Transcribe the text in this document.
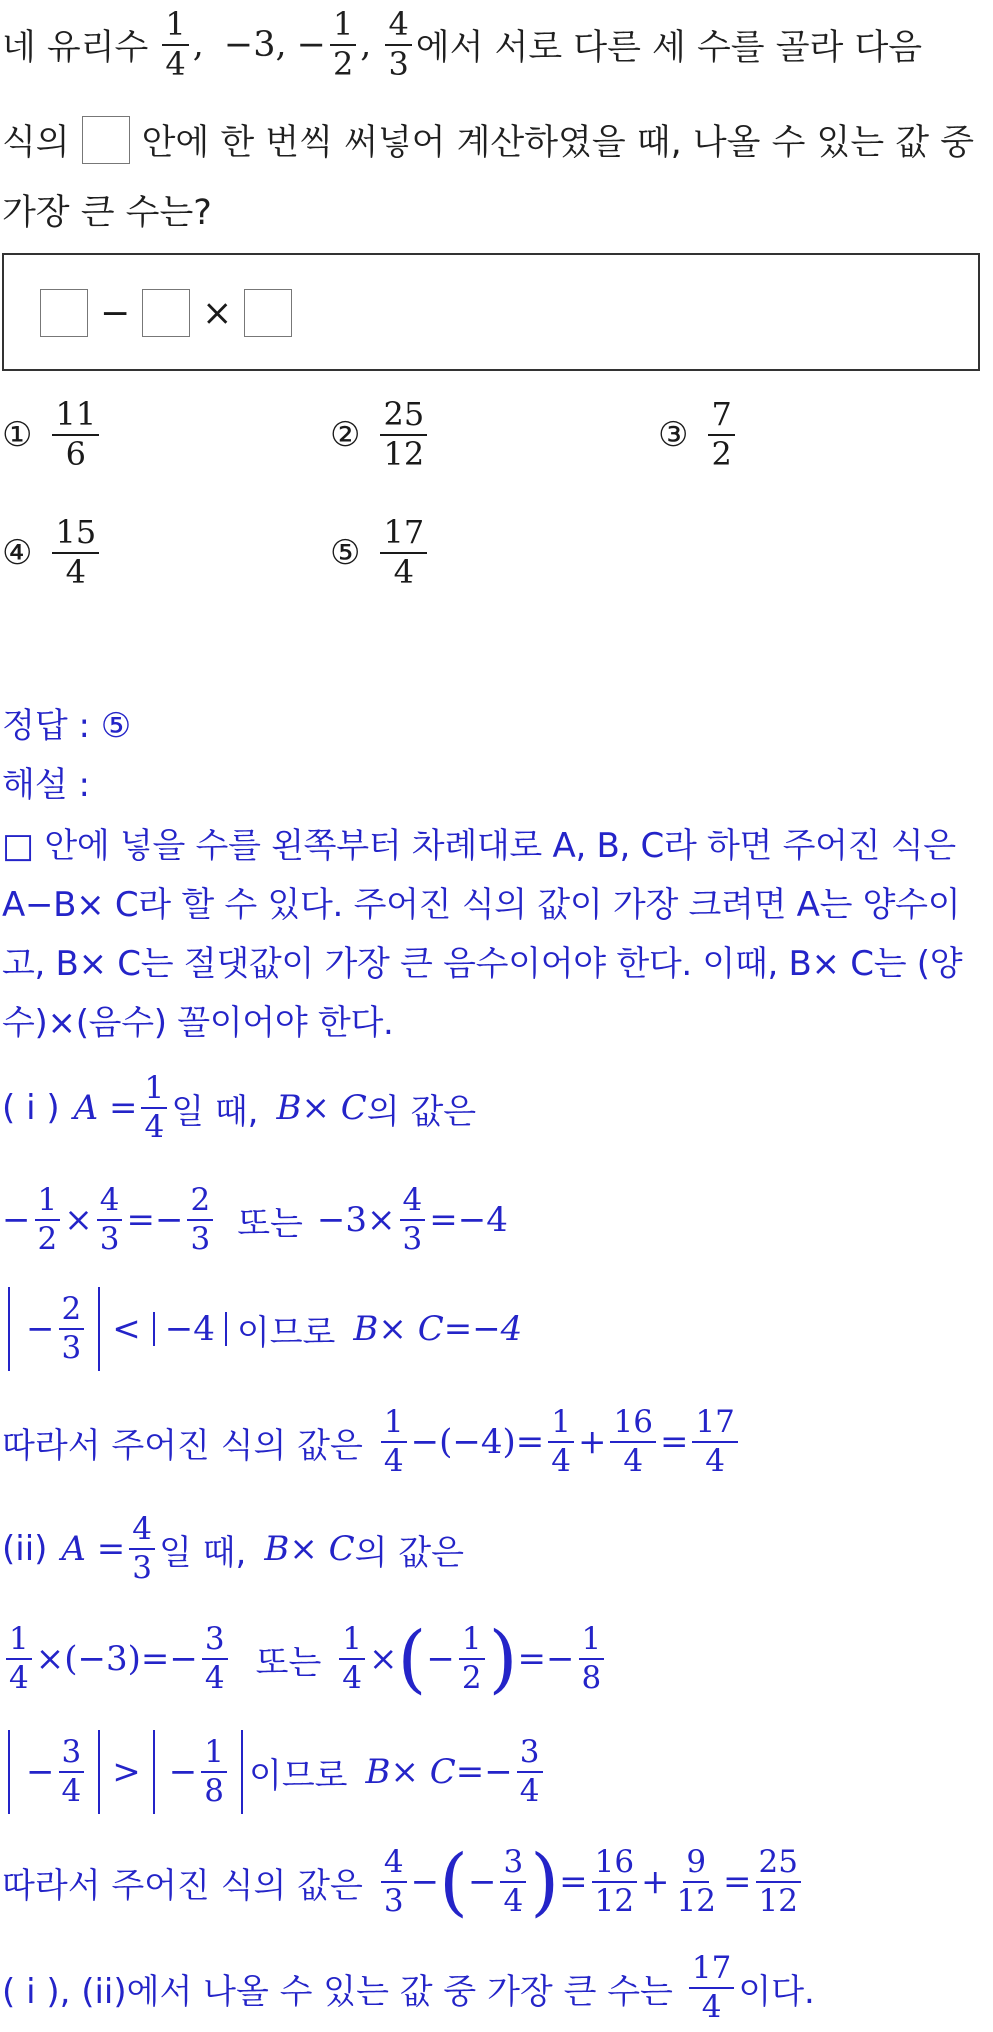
네 유리수 $\frac{1}{4}$ , −3, − $\frac{1}{2}$ , $\frac{4}{3}$ 에서 서로 다른 세 수를 골라 다음
식의 안에 한 번씩 써넣어 계산하였을 때, 나올 수 있는 값 중
가장 큰 수는?
− ×
① $\frac{11}{6}$	② $\frac{25}{12}$	③ $\frac{7}{2}$
④ $\frac{15}{4}$	⑤ $\frac{17}{4}$
정답 : ⑤
해설 :
□ 안에 넣을 수를 왼쪽부터 차례대로 A, B, C라 하면 주어진 식은
A−B× C라 할 수 있다. 주어진 식의 값이 가장 크려면 A는 양수이
고, B× C는 절댓값이 가장 큰 음수이어야 한다. 이때, B× C는 (양
수)×(음수) 꼴이어야 한다.
( i ) $A = \frac{1}{4}$ 일 때, B× C 의 값은
− $\frac{1}{2} \times \frac{4}{3} =- \frac{2}{3}$ 또는 $-3\times \frac{4}{3} =-4$
− $\frac{2}{3} < -4$ 이므로 B× C=−4
따라서 주어진 식의 값은 $\frac{1}{4} -(-4)= \frac{1}{4} + \frac{16}{4} = \frac{17}{4}$
(ii) $A = \frac{4}{3}$ 일 때, B× C 의 값은
$\frac{1}{4} \times(-3)=- \frac{3}{4}$ 또는 $\frac{1}{4}$ × ( − $\frac{1}{2}$ ) =− $\frac{1}{8}$
− $\frac{3}{4}$ > − $\frac{1}{8}$ 이므로 $B\times C=- \frac{3}{4}$
따라서 주어진 식의 값은 $\frac{4}{3}$ − ( − $\frac{3}{4}$ ) = $\frac{16}{12} + \frac{9}{12} = \frac{25}{12}$
( i ), (ii)에서 나올 수 있는 값 중 가장 큰 수는 $\frac{17}{4}$ 이다.
